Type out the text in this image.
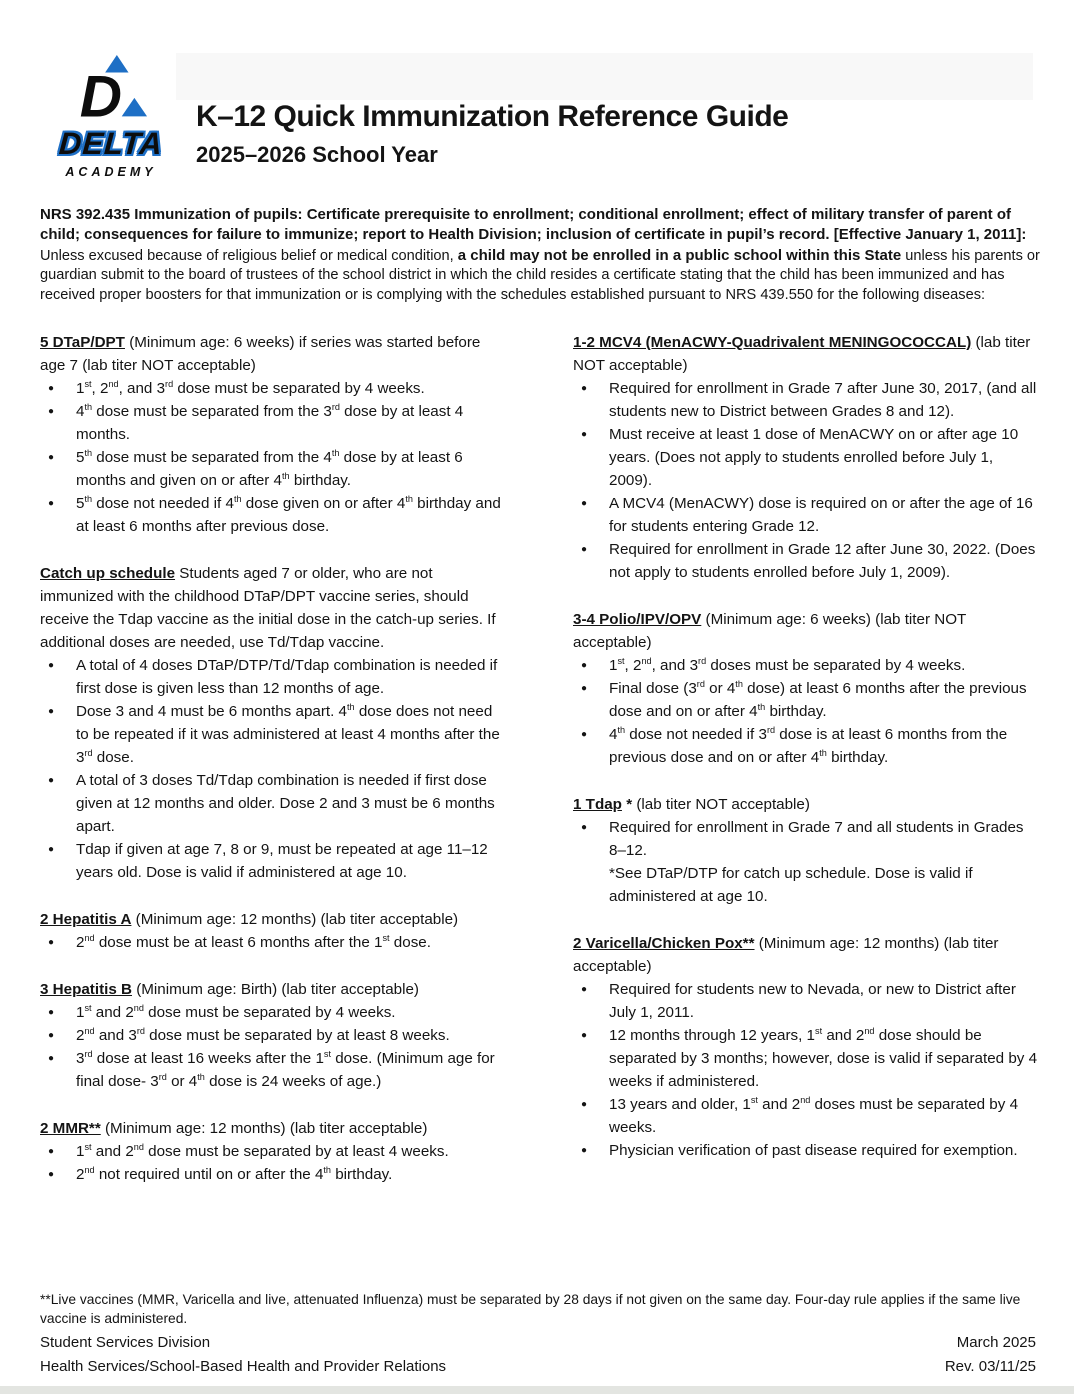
D
DELTA
ACADEMY
K–12 Quick Immunization Reference Guide
2025–2026 School Year

NRS 392.435 Immunization of pupils: Certificate prerequisite to enrollment; conditional enrollment; effect of military transfer of parent of child; consequences for failure to immunize; report to Health Division; inclusion of certificate in pupil’s record. [Effective January 1, 2011]: Unless excused because of religious belief or medical condition, a child may not be enrolled in a public school within this State unless his parents or guardian submit to the board of trustees of the school district in which the child resides a certificate stating that the child has been immunized and has received proper boosters for that immunization or is complying with the schedules established pursuant to NRS 439.550 for the following diseases:

5 DTaP/DPT (Minimum age: 6 weeks) if series was started before age 7 (lab titer NOT acceptable)

●	1st, 2nd, and 3rd dose must be separated by 4 weeks.
●	4th dose must be separated from the 3rd dose by at least 4 months.
●	5th dose must be separated from the 4th dose by at least 6 months and given on or after 4th birthday.
●	5th dose not needed if 4th dose given on or after 4th birthday and at least 6 months after previous dose.

Catch up schedule Students aged 7 or older, who are not immunized with the childhood DTaP/DPT vaccine series, should receive the Tdap vaccine as the initial dose in the catch-up series. If additional doses are needed, use Td/Tdap vaccine.

●	A total of 4 doses DTaP/DTP/Td/Tdap combination is needed if first dose is given less than 12 months of age.
●	Dose 3 and 4 must be 6 months apart. 4th dose does not need to be repeated if it was administered at least 4 months after the 3rd dose.
●	A total of 3 doses Td/Tdap combination is needed if first dose given at 12 months and older. Dose 2 and 3 must be 6 months apart.
●	Tdap if given at age 7, 8 or 9, must be repeated at age 11–12 years old. Dose is valid if administered at age 10.

2 Hepatitis A (Minimum age: 12 months) (lab titer acceptable)

●	2nd dose must be at least 6 months after the 1st dose.

3 Hepatitis B (Minimum age: Birth) (lab titer acceptable)

●	1st and 2nd dose must be separated by 4 weeks.
●	2nd and 3rd dose must be separated by at least 8 weeks.
●	3rd dose at least 16 weeks after the 1st dose. (Minimum age for final dose- 3rd or 4th dose is 24 weeks of age.)

2 MMR** (Minimum age: 12 months) (lab titer acceptable)

●	1st and 2nd dose must be separated by at least 4 weeks.
●	2nd not required until on or after the 4th birthday.

1-2 MCV4 (MenACWY-Quadrivalent MENINGOCOCCAL) (lab titer NOT acceptable)

●	Required for enrollment in Grade 7 after June 30, 2017, (and all students new to District between Grades 8 and 12).
●	Must receive at least 1 dose of MenACWY on or after age 10 years. (Does not apply to students enrolled before July 1, 2009).
●	A MCV4 (MenACWY) dose is required on or after the age of 16 for students entering Grade 12.
●	Required for enrollment in Grade 12 after June 30, 2022. (Does not apply to students enrolled before July 1, 2009).

3-4 Polio/IPV/OPV (Minimum age: 6 weeks) (lab titer NOT acceptable)

●	1st, 2nd, and 3rd doses must be separated by 4 weeks.
●	Final dose (3rd or 4th dose) at least 6 months after the previous dose and on or after 4th birthday.
●	4th dose not needed if 3rd dose is at least 6 months from the previous dose and on or after 4th birthday.

1 Tdap * (lab titer NOT acceptable)

●	Required for enrollment in Grade 7 and all students in Grades 8–12.
*See DTaP/DTP for catch up schedule. Dose is valid if administered at age 10.

2 Varicella/Chicken Pox** (Minimum age: 12 months) (lab titer acceptable)

●	Required for students new to Nevada, or new to District after July 1, 2011.
●	12 months through 12 years, 1st and 2nd dose should be separated by 3 months; however, dose is valid if separated by 4 weeks if administered.
●	13 years and older, 1st and 2nd doses must be separated by 4 weeks.
●	Physician verification of past disease required for exemption.

**Live vaccines (MMR, Varicella and live, attenuated Influenza) must be separated by 28 days if not given on the same day. Four-day rule applies if the same live vaccine is administered.

Student Services Division
Health Services/School-Based Health and Provider Relations
March 2025
Rev. 03/11/25
